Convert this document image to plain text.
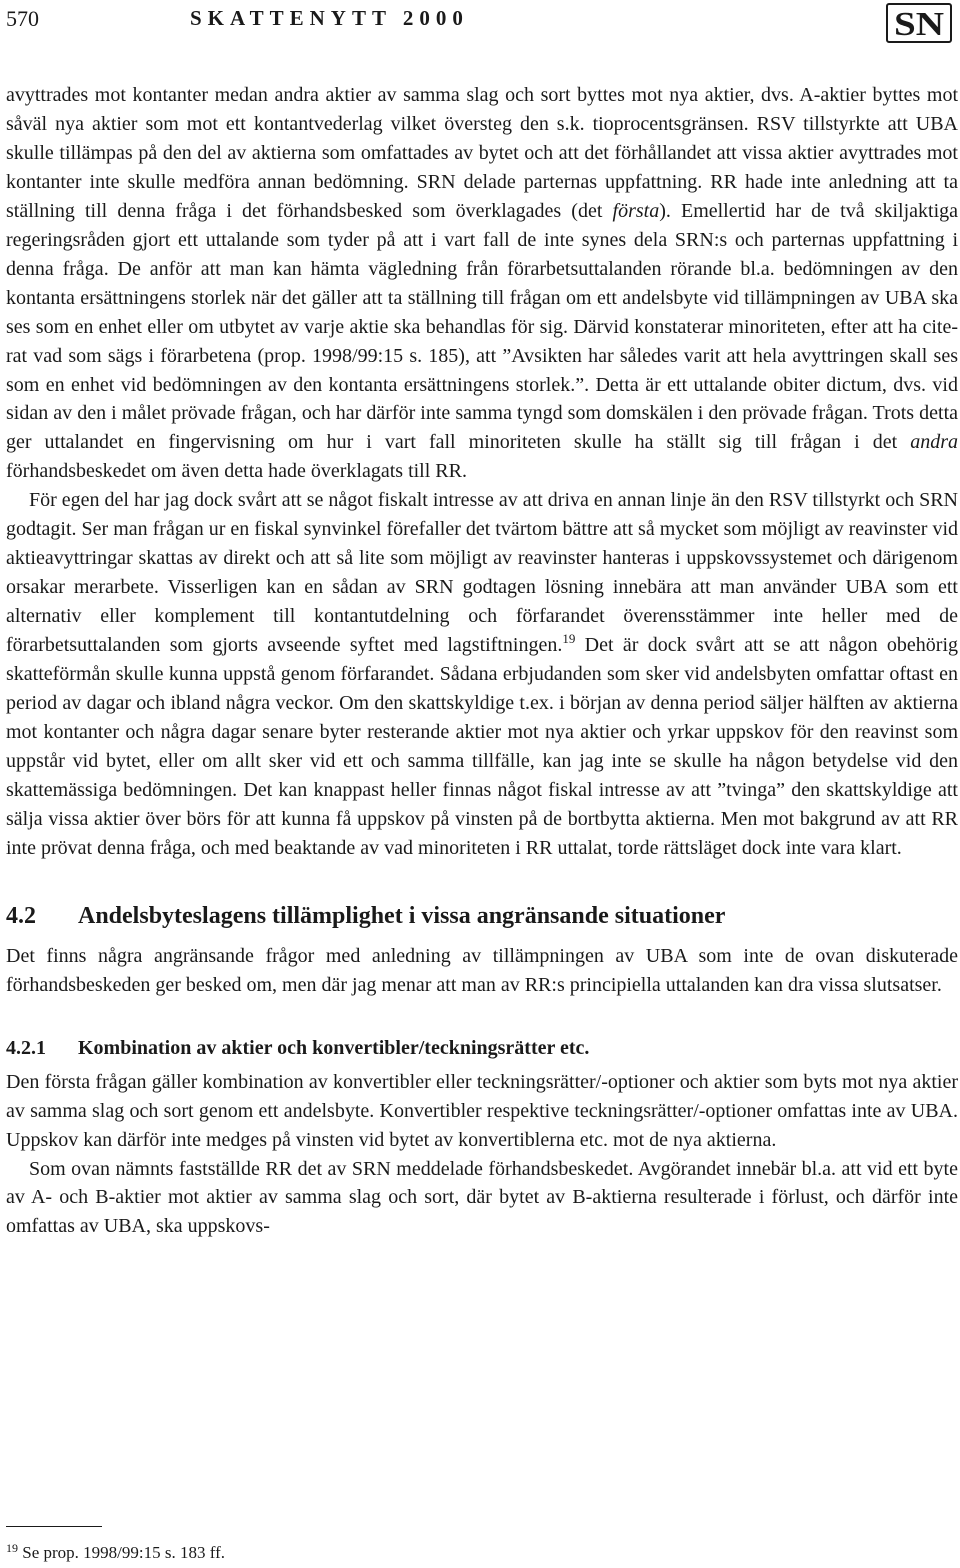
570	SKATTENYTT 2000	SN

avyttrades mot kontanter medan andra aktier av samma slag och sort byttes mot nya aktier, dvs. A-aktier byttes mot såväl nya aktier som mot ett kontantvederlag vilket översteg den s.k. tioprocentsgränsen. RSV tillstyrkte att UBA skulle tillämpas på den del av aktierna som omfattades av bytet och att det förhållandet att vissa aktier avyttrades mot kontanter inte skulle medföra annan bedömning. SRN delade parternas uppfattning. RR hade inte anledning att ta ställning till denna fråga i det förhandsbesked som överklagades (det första). Emellertid har de två skiljaktiga regeringsråden gjort ett uttalande som tyder på att i vart fall de inte synes dela SRN:s och parternas uppfattning i denna fråga. De anför att man kan hämta vägledning från förarbetsuttalanden rörande bl.a. bedömningen av den kontanta ersättningens storlek när det gäller att ta ställning till frågan om ett andelsbyte vid tillämpningen av UBA ska ses som en enhet eller om utbytet av varje aktie ska behandlas för sig. Därvid konstaterar minoriteten, efter att ha citerat vad som sägs i förarbetena (prop. 1998/99:15 s. 185), att ”Avsikten har således varit att hela avyttringen skall ses som en enhet vid bedömningen av den kontanta ersättningens storlek.”. Detta är ett uttalande obiter dictum, dvs. vid sidan av den i målet prövade frågan, och har därför inte samma tyngd som domskälen i den prövade frågan. Trots detta ger uttalandet en fingervisning om hur i vart fall minoriteten skulle ha ställt sig till frågan i det andra förhandsbeskedet om även detta hade överklagats till RR.

För egen del har jag dock svårt att se något fiskalt intresse av att driva en annan linje än den RSV tillstyrkt och SRN godtagit. Ser man frågan ur en fiskal synvinkel förefaller det tvärtom bättre att så mycket som möjligt av reavinster vid aktieavyttringar skattas av direkt och att så lite som möjligt av reavinster hanteras i uppskovssystemet och därigenom orsakar merarbete. Visserligen kan en sådan av SRN godtagen lösning innebära att man använder UBA som ett alternativ eller komplement till kontantutdelning och förfarandet överensstämmer inte heller med de förarbetsuttalanden som gjorts avseende syftet med lagstiftningen.$^{19}$ Det är dock svårt att se att någon obehörig skatteförmån skulle kunna uppstå genom förfarandet. Sådana erbjudanden som sker vid andelsbyten omfattar oftast en period av dagar och ibland några veckor. Om den skattskyldige t.ex. i början av denna period säljer hälften av aktierna mot kontanter och några dagar senare byter resterande aktier mot nya aktier och yrkar uppskov för den reavinst som uppstår vid bytet, eller om allt sker vid ett och samma tillfälle, kan jag inte se skulle ha någon betydelse vid den skattemässiga bedömningen. Det kan knappast heller finnas något fiskal intresse av att ”tvinga” den skattskyldige att sälja vissa aktier över börs för att kunna få uppskov på vinsten på de bortbytta aktierna. Men mot bakgrund av att RR inte prövat denna fråga, och med beaktande av vad minoriteten i RR uttalat, torde rättsläget dock inte vara klart.

4.2 Andelsbyteslagens tillämplighet i vissa angränsande situationer

Det finns några angränsande frågor med anledning av tillämpningen av UBA som inte de ovan diskuterade förhandsbeskeden ger besked om, men där jag menar att man av RR:s principiella uttalanden kan dra vissa slutsatser.

4.2.1 Kombination av aktier och konvertibler/teckningsrätter etc.

Den första frågan gäller kombination av konvertibler eller teckningsrätter/-optioner och aktier som byts mot nya aktier av samma slag och sort genom ett andelsbyte. Konvertibler respektive teckningsrätter/-optioner omfattas inte av UBA. Uppskov kan därför inte medges på vinsten vid bytet av konvertiblerna etc. mot de nya aktierna.

Som ovan nämnts fastställde RR det av SRN meddelade förhandsbeskedet. Avgörandet innebär bl.a. att vid ett byte av A- och B-aktier mot aktier av samma slag och sort, där bytet av B-aktierna resulterade i förlust, och därför inte omfattas av UBA, ska uppskovs-

$^{19}$ Se prop. 1998/99:15 s. 183 ff.
